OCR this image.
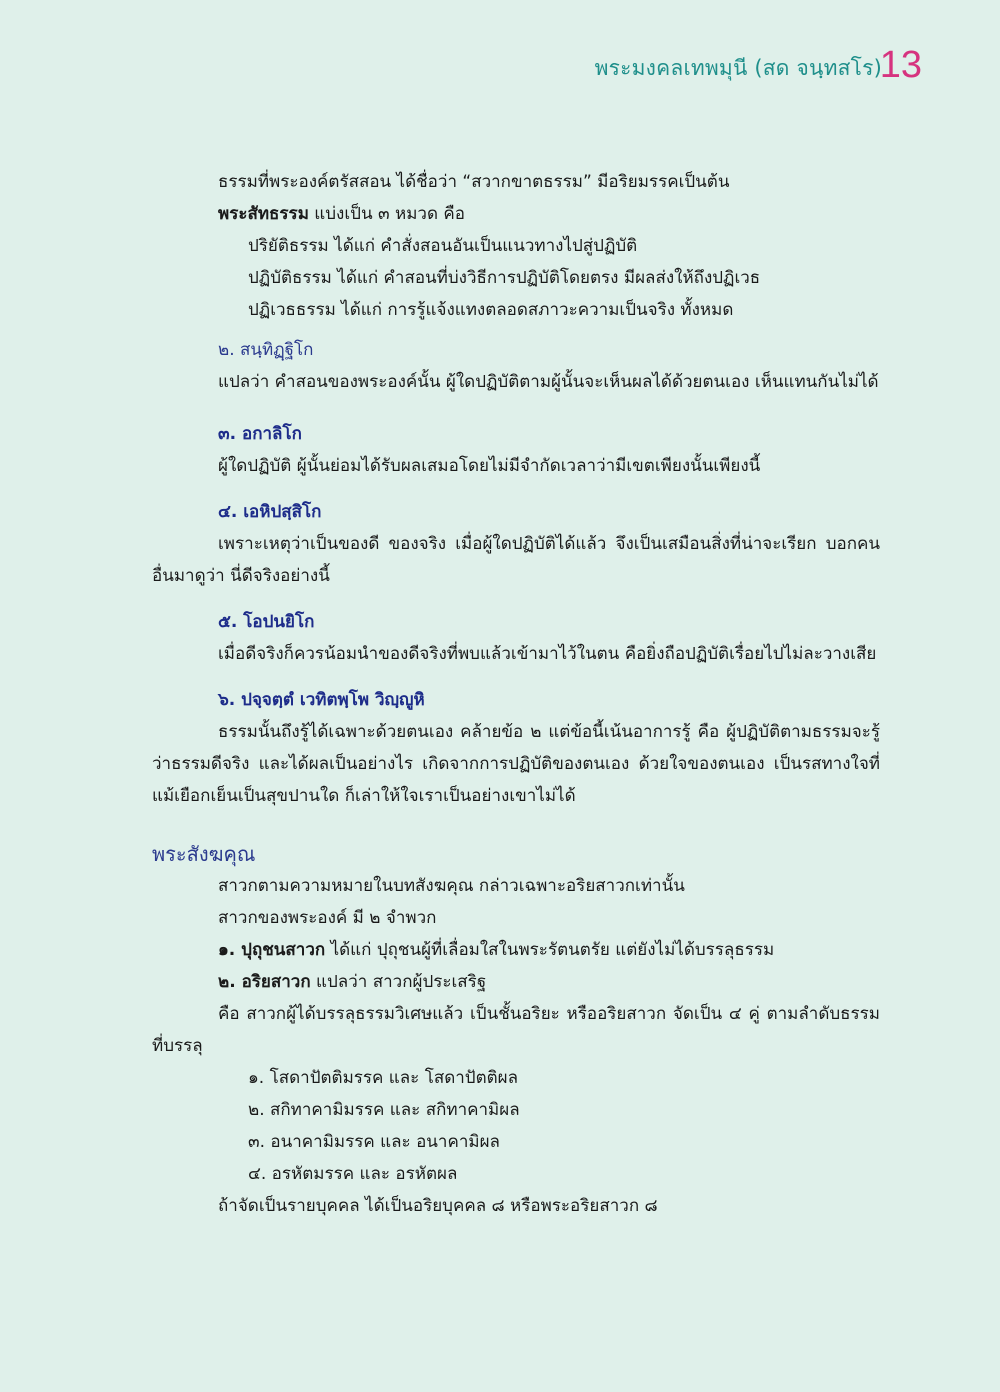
พระมงคลเทพมุนี (สด จนฺทสโร)
13

ธรรมที่พระองค์ตรัสสอน ได้ชื่อว่า “สวากขาตธรรม” มีอริยมรรคเป็นต้น

พระสัทธรรม แบ่งเป็น ๓ หมวด คือ

ปริยัติธรรม ได้แก่ คำสั่งสอนอันเป็นแนวทางไปสู่ปฏิบัติ

ปฏิบัติธรรม ได้แก่ คำสอนที่บ่งวิธีการปฏิบัติโดยตรง มีผลส่งให้ถึงปฏิเวธ

ปฏิเวธธรรม ได้แก่ การรู้แจ้งแทงตลอดสภาวะความเป็นจริง ทั้งหมด

๒. สนฺทิฏฺฐิโก

แปลว่า คำสอนของพระองค์นั้น ผู้ใดปฏิบัติตามผู้นั้นจะเห็นผลได้ด้วยตนเอง เห็นแทนกันไม่ได้

๓. อกาลิโก

ผู้ใดปฏิบัติ ผู้นั้นย่อมได้รับผลเสมอโดยไม่มีจำกัดเวลาว่ามีเขตเพียงนั้นเพียงนี้

๔. เอหิปสฺสิโก

เพราะเหตุว่าเป็นของดี ของจริง เมื่อผู้ใดปฏิบัติได้แล้ว จึงเป็นเสมือนสิ่งที่น่าจะเรียก บอกคนอื่นมาดูว่า นี่ดีจริงอย่างนี้

๕. โอปนยิโก

เมื่อดีจริงก็ควรน้อมนำของดีจริงที่พบแล้วเข้ามาไว้ในตน คือยิ่งถือปฏิบัติเรื่อยไปไม่ละวางเสีย

๖. ปจฺจตฺตํ เวทิตพฺโพ วิญฺญูหิ

ธรรมนั้นถึงรู้ได้เฉพาะด้วยตนเอง คล้ายข้อ ๒ แต่ข้อนี้เน้นอาการรู้ คือ ผู้ปฏิบัติตามธรรมจะรู้ว่าธรรมดีจริง และได้ผลเป็นอย่างไร เกิดจากการปฏิบัติของตนเอง ด้วยใจของตนเอง เป็นรสทางใจที่แม้เยือกเย็นเป็นสุขปานใด ก็เล่าให้ใจเราเป็นอย่างเขาไม่ได้

พระสังฆคุณ

สาวกตามความหมายในบทสังฆคุณ กล่าวเฉพาะอริยสาวกเท่านั้น

สาวกของพระองค์ มี ๒ จำพวก

๑. ปุถุชนสาวก ได้แก่ ปุถุชนผู้ที่เลื่อมใสในพระรัตนตรัย แต่ยังไม่ได้บรรลุธรรม

๒. อริยสาวก แปลว่า สาวกผู้ประเสริฐ

คือ สาวกผู้ได้บรรลุธรรมวิเศษแล้ว เป็นชั้นอริยะ หรืออริยสาวก จัดเป็น ๔ คู่ ตามลำดับธรรมที่บรรลุ

๑. โสดาปัตติมรรค และ โสดาปัตติผล

๒. สกิทาคามิมรรค และ สกิทาคามิผล

๓. อนาคามิมรรค และ อนาคามิผล

๔. อรหัตมรรค และ อรหัตผล

ถ้าจัดเป็นรายบุคคล ได้เป็นอริยบุคคล ๘ หรือพระอริยสาวก ๘
